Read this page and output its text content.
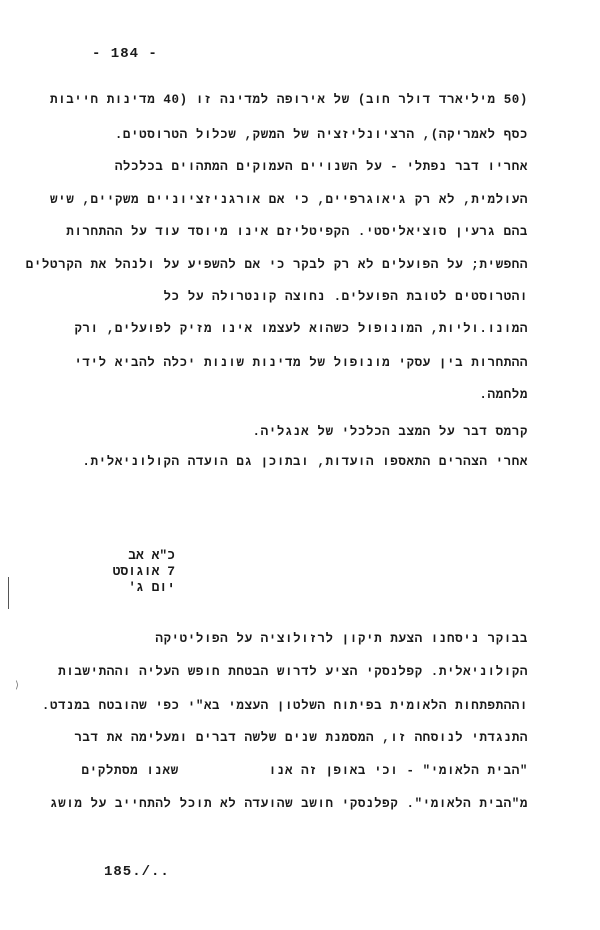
- 184 -
(50 מיליארד דולר חוב) של אירופה למדינה זו (40 מדינות חייבות
כסף לאמריקה), הרציונליזציה של המשק, שכלול הטרוסטים.
אחריו דבר נפתלי - על השנויים העמוקים המתהוים בכלכלה
העולמית, לא רק גיאוגרפיים, כי אם אורגניזציוניים משקיים, שיש
בהם גרעין סוציאליסטי. הקפיטליזם אינו מיוסד עוד על ההתחרות
החפשית; על הפועלים לא רק לבקר כי אם להשפיע על ולנהל את הקרטלים
והטרוסטים לטובת הפועלים. נחוצה קונטרולה על כל
המונו.וליות, המונופול כשהוא לעצמו אינו מזיק לפועלים, ורק
ההתחרות בין עסקי מונופול של מדינות שונות יכלה להביא לידי
מלחמה.
קרמס דבר על המצב הכלכלי של אנגליה.
אחרי הצהרים התאספו הועדות, ובתוכן גם הועדה הקולוניאלית.
כ"א אב
7 אוגוסט
יום ג'
⟩
בבוקר ניסחנו הצעת תיקון לרזולוציה על הפוליטיקה
הקולוניאלית. קפלנסקי הציע לדרוש הבטחת חופש העליה וההתישבות
וההתפתחות הלאומית בפיתוח השלטון העצמי בא"י כפי שהובטח במנדט.
התנגדתי לנוסחה זו, המסמנת שנים שלשה דברים ומעלימה את דבר
"הבית הלאומי" - וכי באופן זה אנושאנו מסתלקים
מ"הבית הלאומי". קפלנסקי חושב שהועדה לא תוכל להתחייב על מושג
185./..
